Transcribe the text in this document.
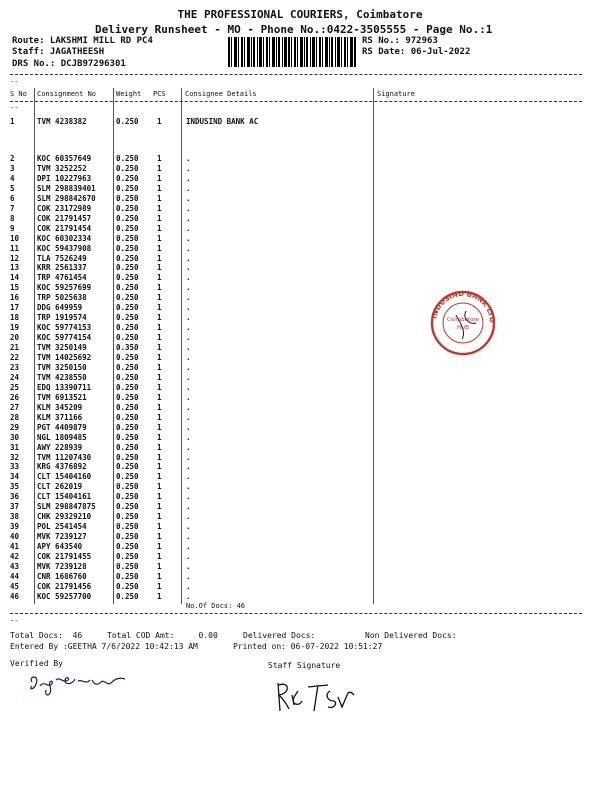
THE PROFESSIONAL COURIERS, Coimbatore
Delivery Runsheet - MO - Phone No.:0422-3505555 - Page No.:1
Route: LAKSHMI MILL RD PC4
Staff: JAGATHEESH
DRS No.: DCJB97296301
RS No.: 972963
RS Date: 06-Jul-2022
--
S No Consignment No	Weight PCS	Consignee Details	Signature
--
1	TVM 4238382	0.250 1	INDUSIND BANK AC
2	KOC 60357649	0.250 1	.
3	TVM 3252252	0.250 1	.
4	DPI 10227963	0.250 1	.
5	SLM 298839401	0.250 1	.
6	SLM 298842670	0.250 1	.
7	COK 23172989	0.250 1	.
8	COK 21791457	0.250 1	.
9	COK 21791454	0.250 1	.
10 KOC 60302334	0.250 1	.
11 KOC 59437908	0.250 1	.
12 TLA 7526249	0.250 1	.
13 KRR 2561337	0.250 1	.
14 TRP 4761454	0.250 1	.
15 KOC 59257699	0.250 1	.
16 TRP 5025638	0.250 1	.
17 DDG 649959	0.250 1	.
18 TRP 1919574	0.250 1	.
19 KOC 59774153	0.250 1	.
20 KOC 59774154	0.250 1	.
21 TVM 3250149	0.350 1	.
22 TVM 14025692	0.250 1	.
23 TVM 3250150	0.250 1	.
24 TVM 4238550	0.250 1	.
25 EDQ 13390711	0.250 1	.
26 TVM 6913521	0.250 1	.
27 KLM 345209	0.250 1	.
28 KLM 371166	0.250 1	.
29 PGT 4409879	0.250 1	.
30 NGL 1809485	0.250 1	.
31 AWY 228939	0.250 1	.
32 TVM 11207430	0.250 1	.
33 KRG 4376892	0.250 1	.
34 CLT 15404160	0.250 1	.
35 CLT 262019	0.250 1	.
36 CLT 15404161	0.250 1	.
37 SLM 298847875	0.250 1	.
38 CHK 29329210	0.250 1	.
39 POL 2541454	0.250 1	.
40 MVK 7239127	0.250 1	.
41 APY 643540	0.250 1	.
42 COK 21791455	0.250 1	.
43 MVK 7239128	0.250 1	.
44 CNR 1686760	0.250 1	.
45 COK 21791456	0.250 1	.
46 KOC 59257700	0.250 1	.
No.Of Docs: 46
--
Total Docs:  46	Total COD Amt:     0.00	Delivered Docs:	Non Delivered Docs:
Entered By :GEETHA 7/6/2022 10:42:13 AM	Printed on: 06-07-2022 10:51:27
Verified By	Staff Signature
INDUSIND BANK LTD
Coimbatore
HUB
